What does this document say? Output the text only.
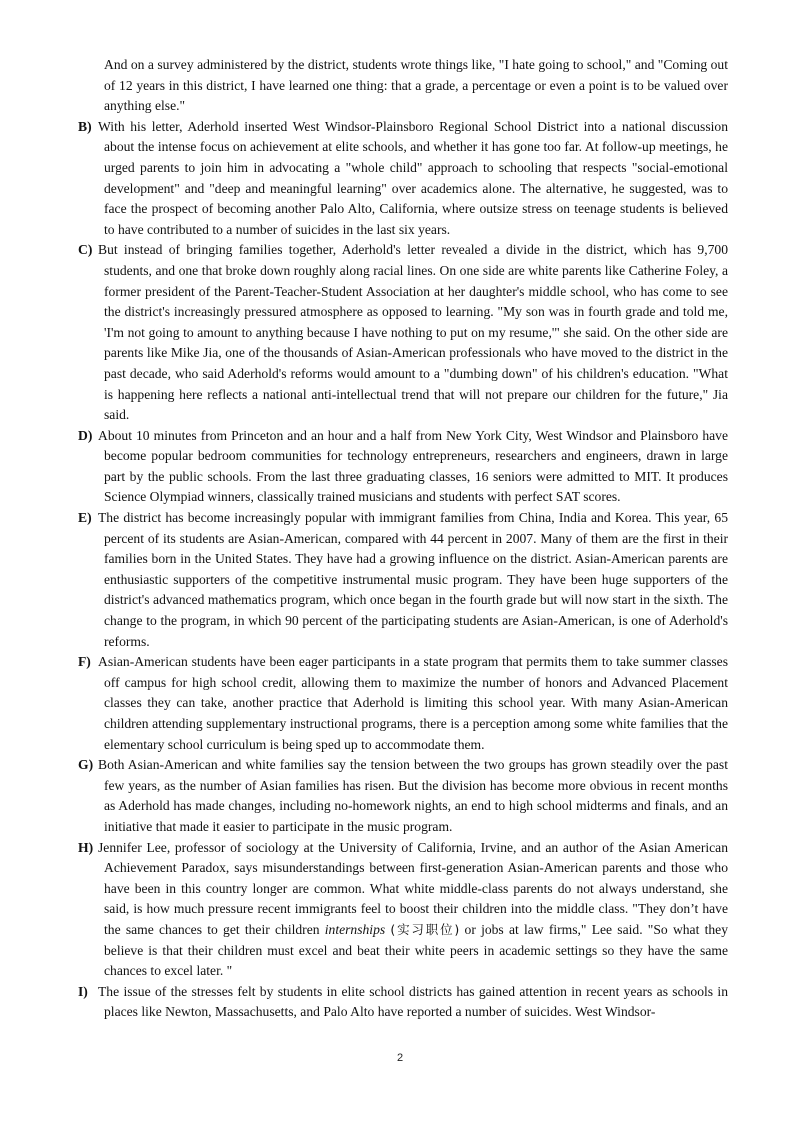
And on a survey administered by the district, students wrote things like, "I hate going to school," and "Coming out of 12 years in this district, I have learned one thing: that a grade, a percentage or even a point is to be valued over anything else."

B) With his letter, Aderhold inserted West Windsor-Plainsboro Regional School District into a national discussion about the intense focus on achievement at elite schools, and whether it has gone too far. At follow-up meetings, he urged parents to join him in advocating a "whole child" approach to schooling that respects "social-emotional development" and "deep and meaningful learning" over academics alone. The alternative, he suggested, was to face the prospect of becoming another Palo Alto, California, where outsize stress on teenage students is believed to have contributed to a number of suicides in the last six years.

C) But instead of bringing families together, Aderhold's letter revealed a divide in the district, which has 9,700 students, and one that broke down roughly along racial lines. On one side are white parents like Catherine Foley, a former president of the Parent-Teacher-Student Association at her daughter's middle school, who has come to see the district's increasingly pressured atmosphere as opposed to learning. "My son was in fourth grade and told me, 'I'm not going to amount to anything because I have nothing to put on my resume,'" she said. On the other side are parents like Mike Jia, one of the thousands of Asian-American professionals who have moved to the district in the past decade, who said Aderhold's reforms would amount to a "dumbing down" of his children's education. "What is happening here reflects a national anti-intellectual trend that will not prepare our children for the future," Jia said.

D) About 10 minutes from Princeton and an hour and a half from New York City, West Windsor and Plainsboro have become popular bedroom communities for technology entrepreneurs, researchers and engineers, drawn in large part by the public schools. From the last three graduating classes, 16 seniors were admitted to MIT. It produces Science Olympiad winners, classically trained musicians and students with perfect SAT scores.

E) The district has become increasingly popular with immigrant families from China, India and Korea. This year, 65 percent of its students are Asian-American, compared with 44 percent in 2007. Many of them are the first in their families born in the United States. They have had a growing influence on the district. Asian-American parents are enthusiastic supporters of the competitive instrumental music program. They have been huge supporters of the district's advanced mathematics program, which once began in the fourth grade but will now start in the sixth. The change to the program, in which 90 percent of the participating students are Asian-American, is one of Aderhold's reforms.

F) Asian-American students have been eager participants in a state program that permits them to take summer classes off campus for high school credit, allowing them to maximize the number of honors and Advanced Placement classes they can take, another practice that Aderhold is limiting this school year. With many Asian-American children attending supplementary instructional programs, there is a perception among some white families that the elementary school curriculum is being sped up to accommodate them.

G) Both Asian-American and white families say the tension between the two groups has grown steadily over the past few years, as the number of Asian families has risen. But the division has become more obvious in recent months as Aderhold has made changes, including no-homework nights, an end to high school midterms and finals, and an initiative that made it easier to participate in the music program.

H) Jennifer Lee, professor of sociology at the University of California, Irvine, and an author of the Asian American Achievement Paradox, says misunderstandings between first-generation Asian-American parents and those who have been in this country longer are common. What white middle-class parents do not always understand, she said, is how much pressure recent immigrants feel to boost their children into the middle class. "They don’t have the same chances to get their children internships (实习职位) or jobs at law firms," Lee said. "So what they believe is that their children must excel and beat their white peers in academic settings so they have the same chances to excel later. "

I) The issue of the stresses felt by students in elite school districts has gained attention in recent years as schools in places like Newton, Massachusetts, and Palo Alto have reported a number of suicides. West Windsor-

2
